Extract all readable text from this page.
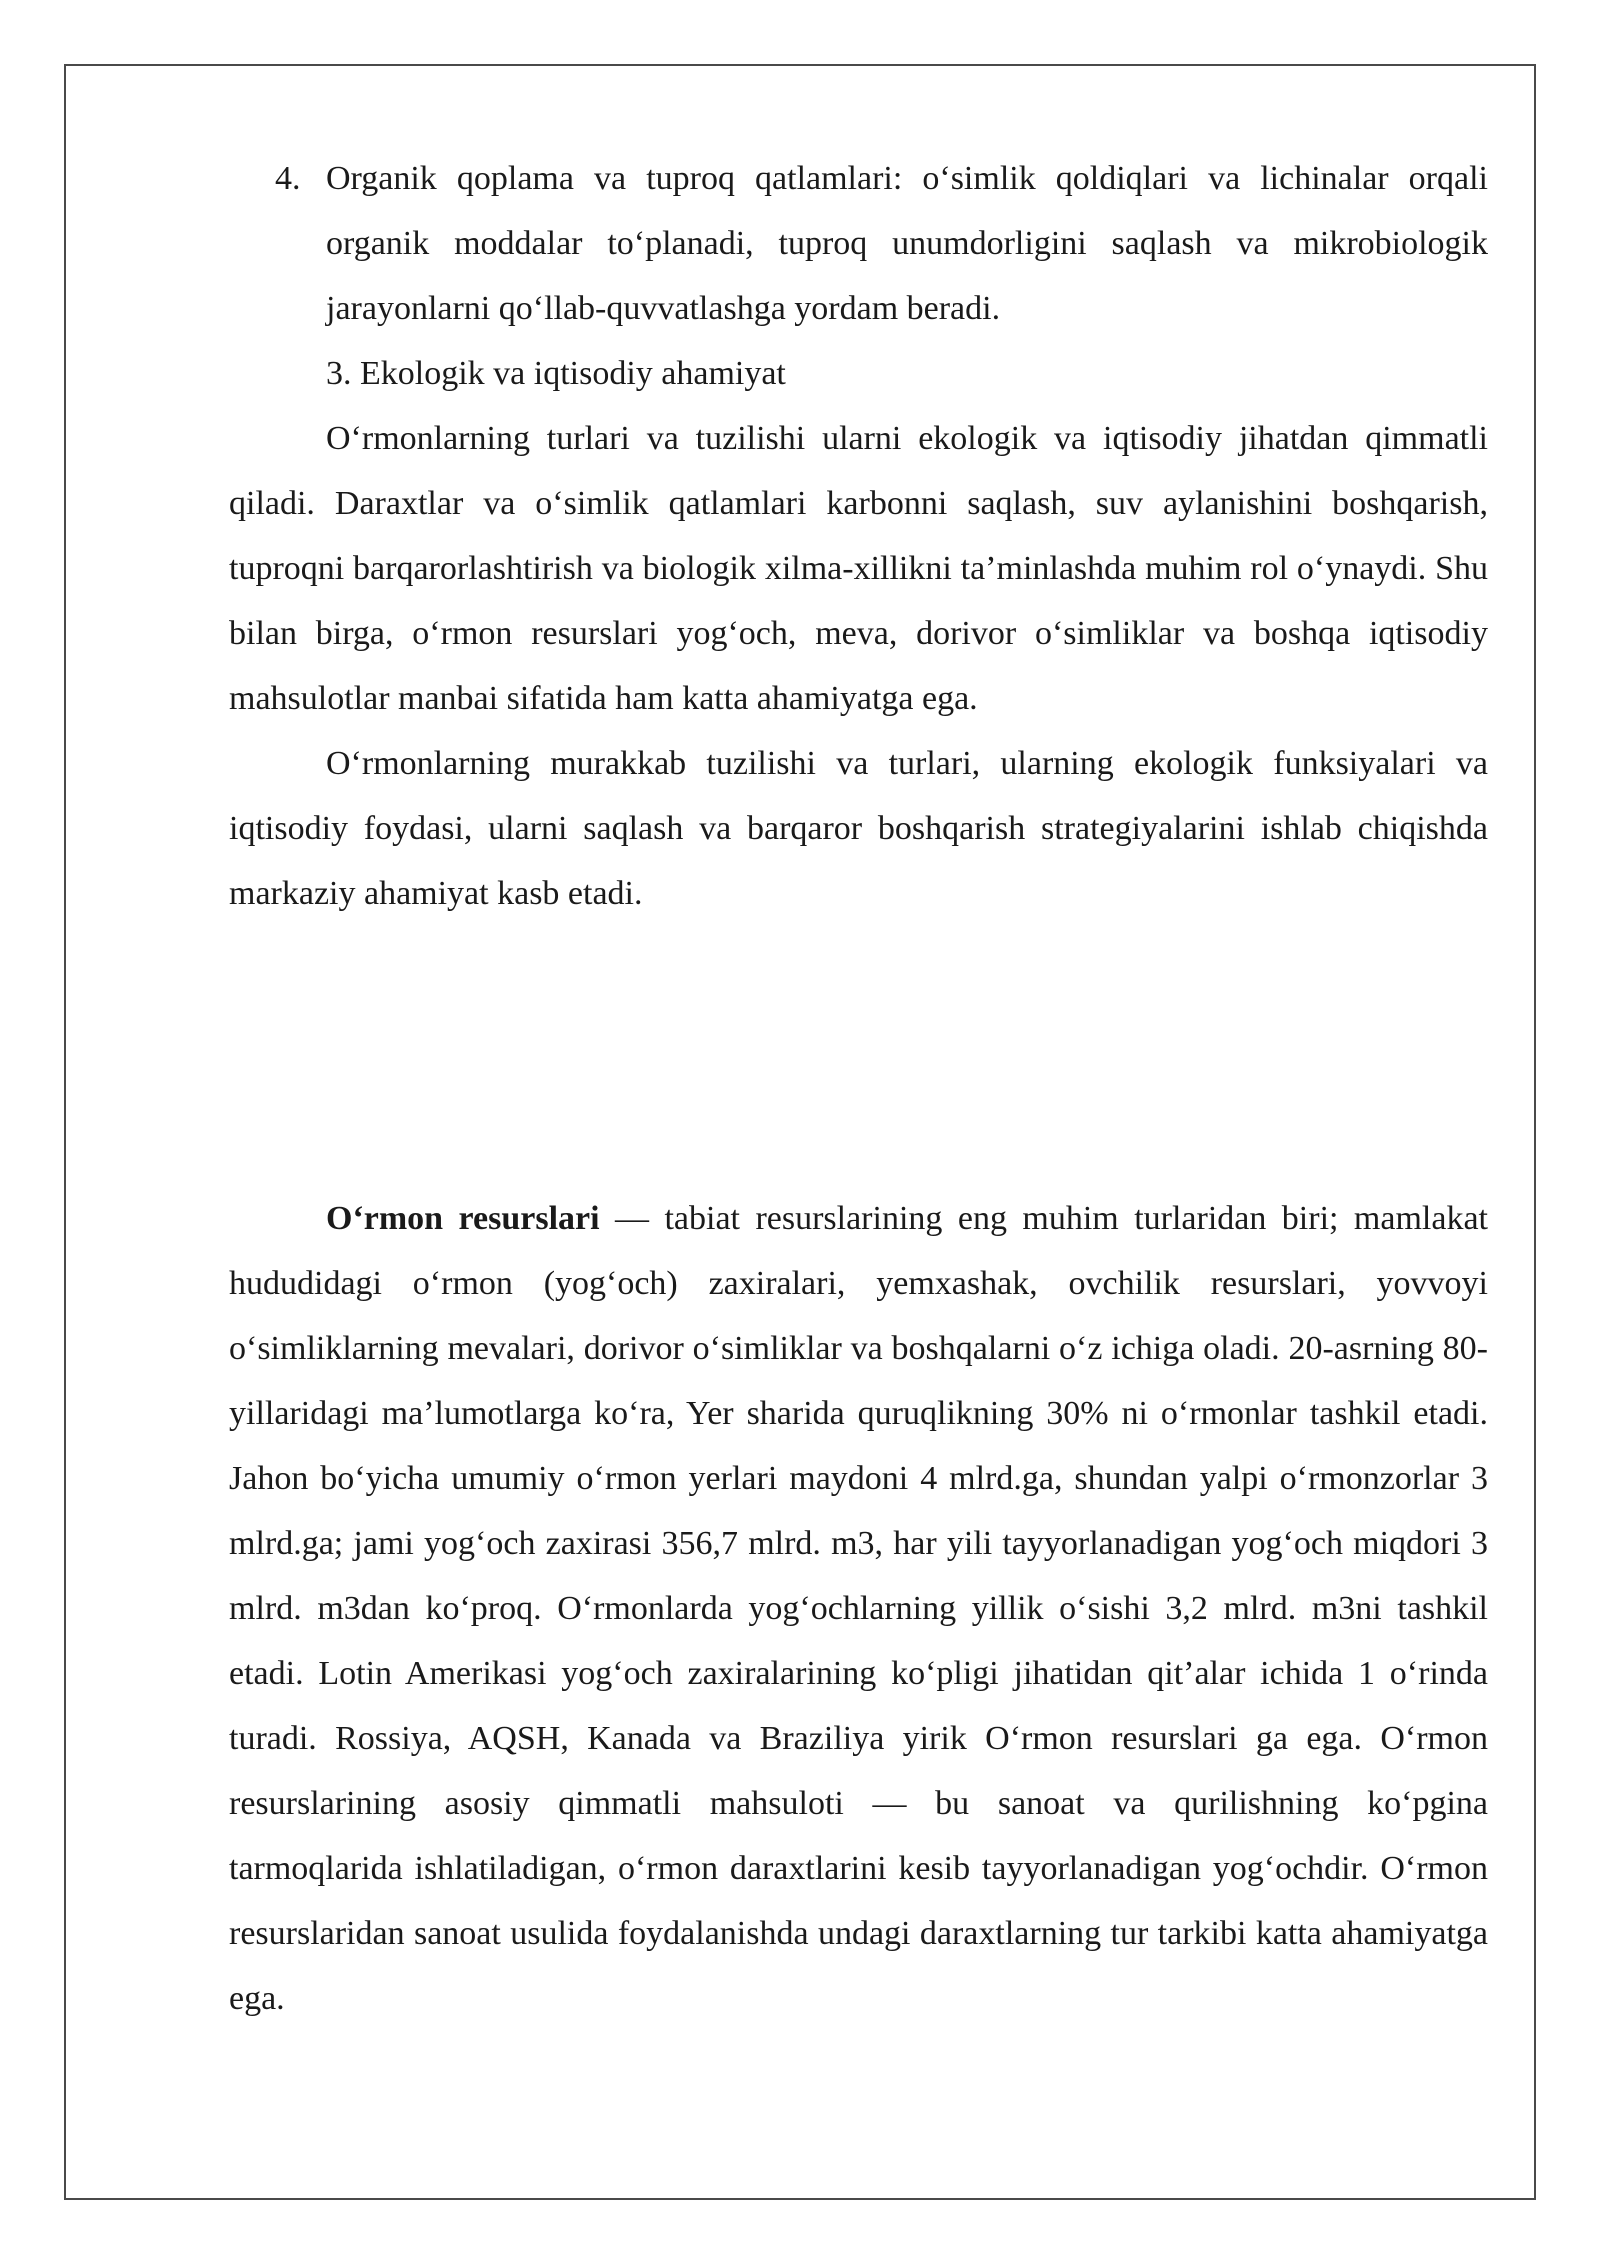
4. Organik qoplama va tuproq qatlamlari: o‘simlik qoldiqlari va lichinalar orqali organik moddalar to‘planadi, tuproq unumdorligini saqlash va mikrobiologik jarayonlarni qo‘llab-quvvatlashga yordam beradi.
3. Ekologik va iqtisodiy ahamiyat

O‘rmonlarning turlari va tuzilishi ularni ekologik va iqtisodiy jihatdan qimmatli qiladi. Daraxtlar va o‘simlik qatlamlari karbonni saqlash, suv aylanishini boshqarish, tuproqni barqarorlashtirish va biologik xilma-xillikni ta’minlashda muhim rol o‘ynaydi. Shu bilan birga, o‘rmon resurslari yog‘och, meva, dorivor o‘simliklar va boshqa iqtisodiy mahsulotlar manbai sifatida ham katta ahamiyatga ega.

O‘rmonlarning murakkab tuzilishi va turlari, ularning ekologik funksiyalari va iqtisodiy foydasi, ularni saqlash va barqaror boshqarish strategiyalarini ishlab chiqishda markaziy ahamiyat kasb etadi.

O‘rmon resurslari — tabiat resurslarining eng muhim turlaridan biri; mamlakat hududidagi o‘rmon (yog‘och) zaxiralari, yemxashak, ovchilik resurslari, yovvoyi o‘simliklarning mevalari, dorivor o‘simliklar va boshqalarni o‘z ichiga oladi. 20-asrning 80-yillaridagi ma’lumotlarga ko‘ra, Yer sharida quruqlikning 30% ni o‘rmonlar tashkil etadi. Jahon bo‘yicha umumiy o‘rmon yerlari maydoni 4 mlrd.ga, shundan yalpi o‘rmonzorlar 3 mlrd.ga; jami yog‘och zaxirasi 356,7 mlrd. m3, har yili tayyorlanadigan yog‘och miqdori 3 mlrd. m3dan ko‘proq. O‘rmonlarda yog‘ochlarning yillik o‘sishi 3,2 mlrd. m3ni tashkil etadi. Lotin Amerikasi yog‘och zaxiralarining ko‘pligi jihatidan qit’alar ichida 1 o‘rinda turadi. Rossiya, AQSH, Kanada va Braziliya yirik O‘rmon resurslari ga ega. O‘rmon resurslarining asosiy qimmatli mahsuloti — bu sanoat va qurilishning ko‘pgina tarmoqlarida ishlatiladigan, o‘rmon daraxtlarini kesib tayyorlanadigan yog‘ochdir. O‘rmon resurslaridan sanoat usulida foydalanishda undagi daraxtlarning tur tarkibi katta ahamiyatga ega.
